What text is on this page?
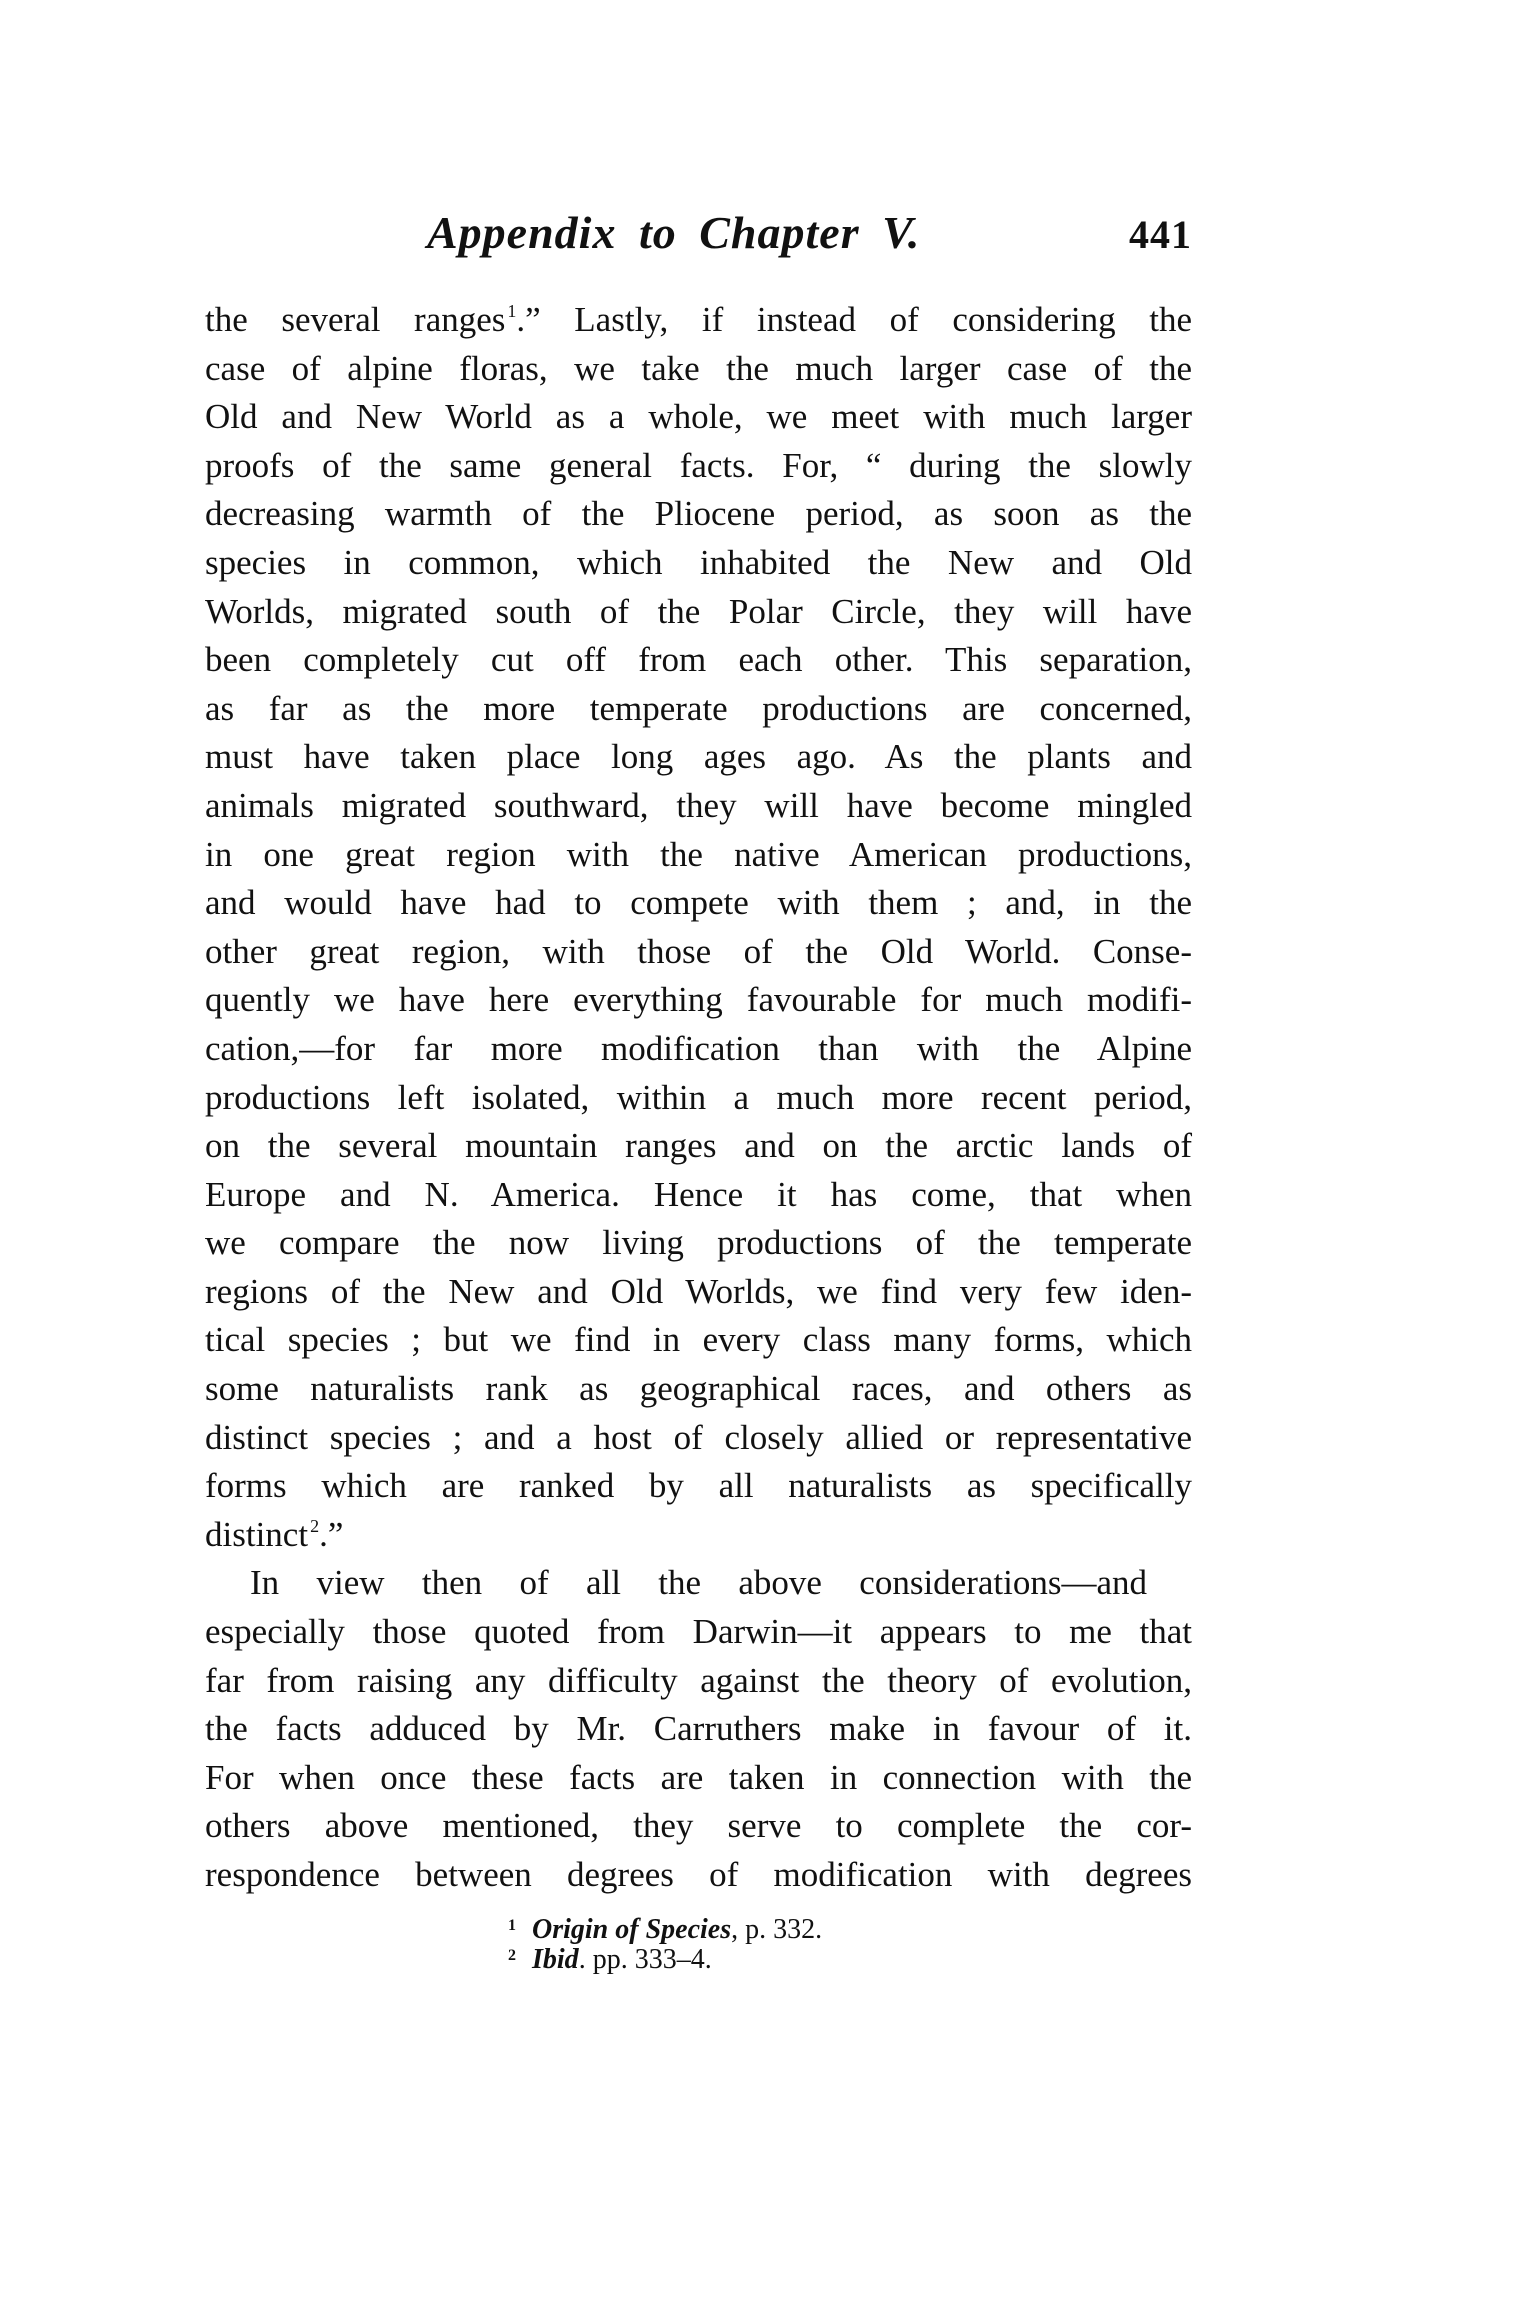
Appendix to Chapter V.	441
the several ranges $^1$.” Lastly, if instead of considering the
case of alpine floras, we take the much larger case of the
Old and New World as a whole, we meet with much larger
proofs of the same general facts. For, “ during the slowly
decreasing warmth of the Pliocene period, as soon as the
species in common, which inhabited the New and Old
Worlds, migrated south of the Polar Circle, they will have
been completely cut off from each other. This separation,
as far as the more temperate productions are concerned,
must have taken place long ages ago. As the plants and
animals migrated southward, they will have become mingled
in one great region with the native American productions,
and would have had to compete with them ; and, in the
other great region, with those of the Old World. Conse-
quently we have here everything favourable for much modifi-
cation,—for far more modification than with the Alpine
productions left isolated, within a much more recent period,
on the several mountain ranges and on the arctic lands of
Europe and N. America. Hence it has come, that when
we compare the now living productions of the temperate
regions of the New and Old Worlds, we find very few iden-
tical species ; but we find in every class many forms, which
some naturalists rank as geographical races, and others as
distinct species ; and a host of closely allied or representative
forms which are ranked by all naturalists as specifically
distinct $^2$.”
In view then of all the above considerations—and
especially those quoted from Darwin—it appears to me that
far from raising any difficulty against the theory of evolution,
the facts adduced by Mr. Carruthers make in favour of it.
For when once these facts are taken in connection with the
others above mentioned, they serve to complete the cor-
respondence between degrees of modification with degrees
1 Origin of Species, p. 332.
2 Ibid. pp. 333–4.
